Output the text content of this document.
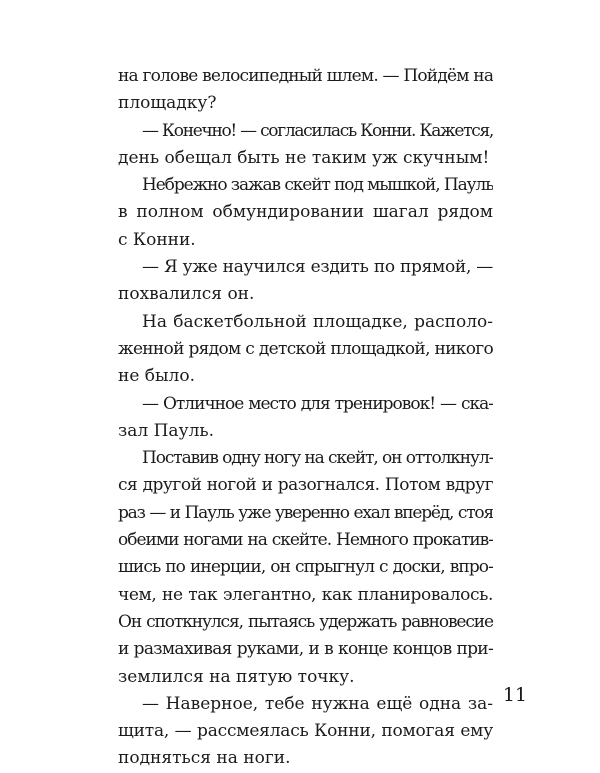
на голове велосипедный шлем. — Пойдём на
площадку?
— Конечно! — согласилась Конни. Кажется,
день обещал быть не таким уж скучным!
Небрежно зажав скейт под мышкой, Пауль
в полном обмундировании шагал рядом
с Конни.
— Я уже научился ездить по прямой, —
похвалился он.
На баскетбольной площадке, располо-
женной рядом с детской площадкой, никого
не было.
— Отличное место для тренировок! — ска-
зал Пауль.
Поставив одну ногу на скейт, он оттолкнул-
ся другой ногой и разогнался. Потом вдруг
раз — и Пауль уже уверенно ехал вперёд, стоя
обеими ногами на скейте. Немного прокатив-
шись по инерции, он спрыгнул с доски, впро-
чем, не так элегантно, как планировалось.
Он споткнулся, пытаясь удержать равновесие
и размахивая руками, и в конце концов при-
землился на пятую точку.
— Наверное, тебе нужна ещё одна за-
щита, — рассмеялась Конни, помогая ему
подняться на ноги.
11
